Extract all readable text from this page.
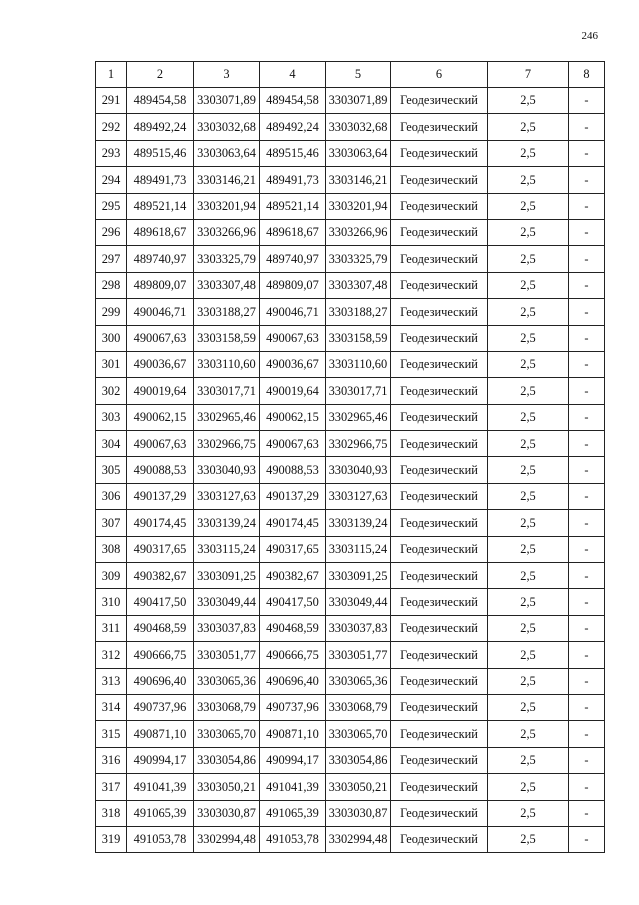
246
1	2	3	4	5	6	7	8
291	489454,58	3303071,89	489454,58	3303071,89	Геодезический	2,5	-
292	489492,24	3303032,68	489492,24	3303032,68	Геодезический	2,5	-
293	489515,46	3303063,64	489515,46	3303063,64	Геодезический	2,5	-
294	489491,73	3303146,21	489491,73	3303146,21	Геодезический	2,5	-
295	489521,14	3303201,94	489521,14	3303201,94	Геодезический	2,5	-
296	489618,67	3303266,96	489618,67	3303266,96	Геодезический	2,5	-
297	489740,97	3303325,79	489740,97	3303325,79	Геодезический	2,5	-
298	489809,07	3303307,48	489809,07	3303307,48	Геодезический	2,5	-
299	490046,71	3303188,27	490046,71	3303188,27	Геодезический	2,5	-
300	490067,63	3303158,59	490067,63	3303158,59	Геодезический	2,5	-
301	490036,67	3303110,60	490036,67	3303110,60	Геодезический	2,5	-
302	490019,64	3303017,71	490019,64	3303017,71	Геодезический	2,5	-
303	490062,15	3302965,46	490062,15	3302965,46	Геодезический	2,5	-
304	490067,63	3302966,75	490067,63	3302966,75	Геодезический	2,5	-
305	490088,53	3303040,93	490088,53	3303040,93	Геодезический	2,5	-
306	490137,29	3303127,63	490137,29	3303127,63	Геодезический	2,5	-
307	490174,45	3303139,24	490174,45	3303139,24	Геодезический	2,5	-
308	490317,65	3303115,24	490317,65	3303115,24	Геодезический	2,5	-
309	490382,67	3303091,25	490382,67	3303091,25	Геодезический	2,5	-
310	490417,50	3303049,44	490417,50	3303049,44	Геодезический	2,5	-
311	490468,59	3303037,83	490468,59	3303037,83	Геодезический	2,5	-
312	490666,75	3303051,77	490666,75	3303051,77	Геодезический	2,5	-
313	490696,40	3303065,36	490696,40	3303065,36	Геодезический	2,5	-
314	490737,96	3303068,79	490737,96	3303068,79	Геодезический	2,5	-
315	490871,10	3303065,70	490871,10	3303065,70	Геодезический	2,5	-
316	490994,17	3303054,86	490994,17	3303054,86	Геодезический	2,5	-
317	491041,39	3303050,21	491041,39	3303050,21	Геодезический	2,5	-
318	491065,39	3303030,87	491065,39	3303030,87	Геодезический	2,5	-
319	491053,78	3302994,48	491053,78	3302994,48	Геодезический	2,5	-
